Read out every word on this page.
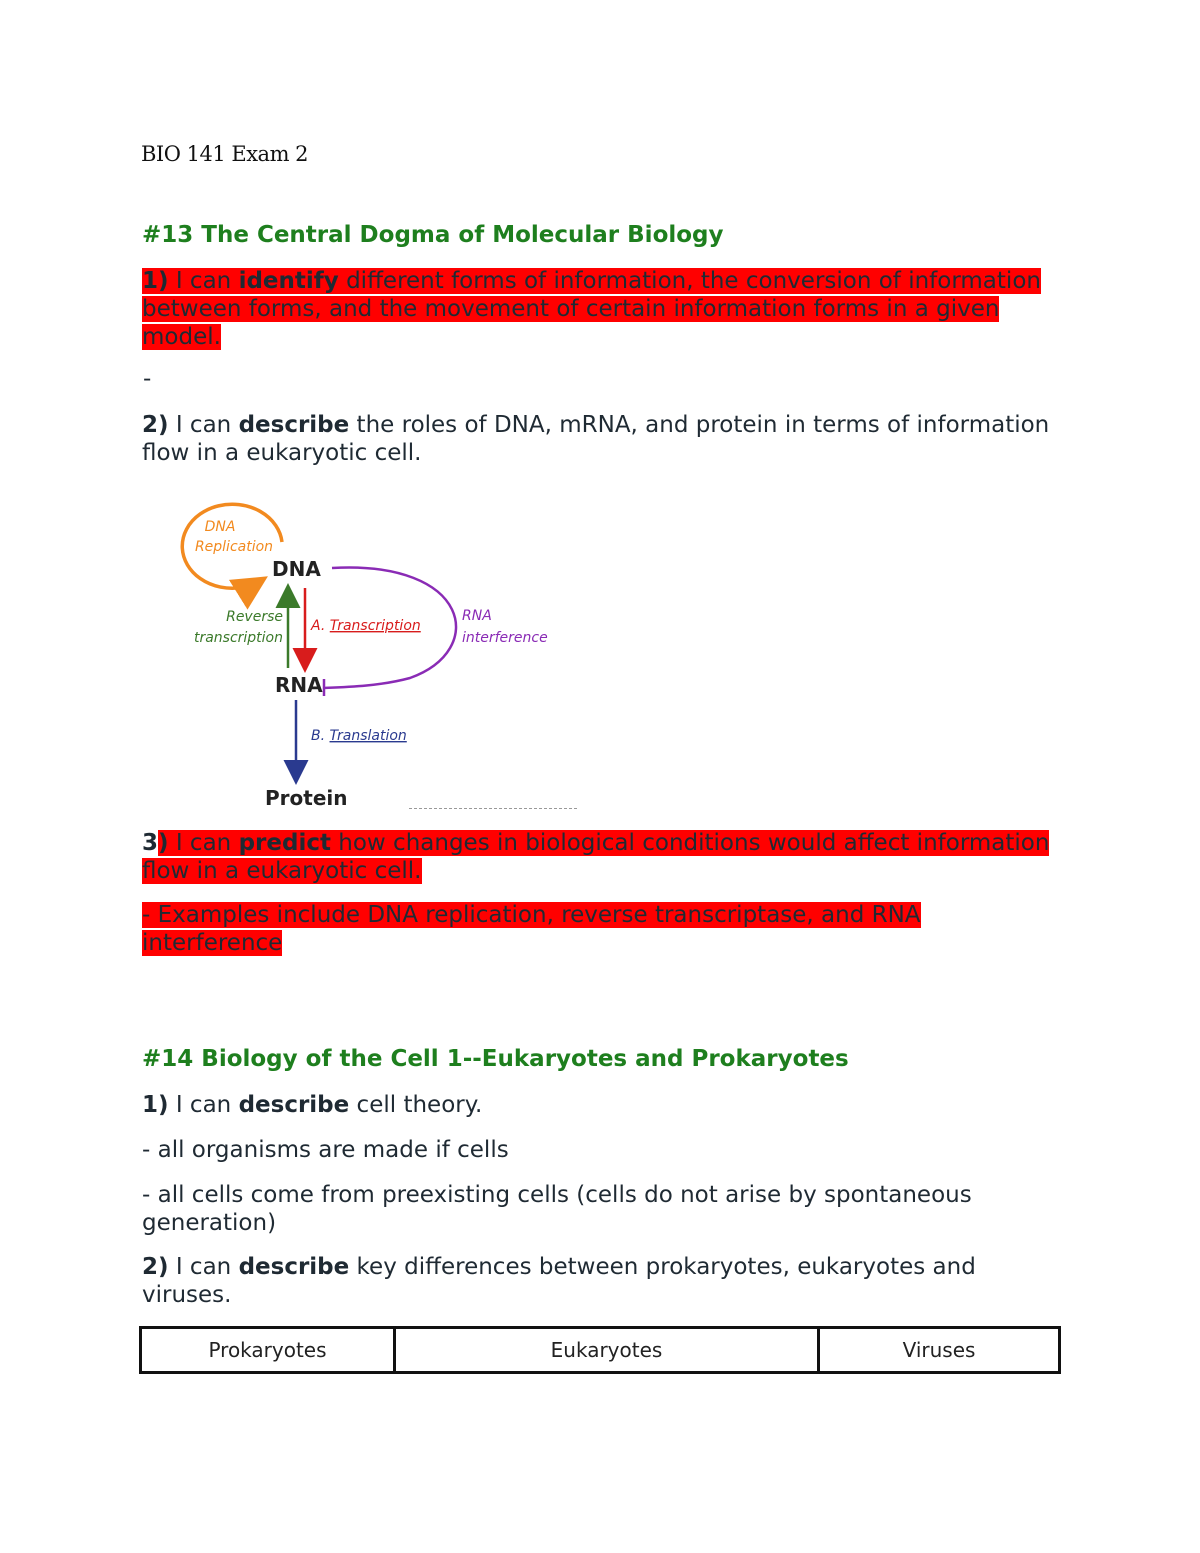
BIO 141 Exam 2
#13 The Central Dogma of Molecular Biology
1) I can identify different forms of information, the conversion of information between forms, and the movement of certain information forms in a given model.
-
2) I can describe the roles of DNA, mRNA, and protein in terms of information flow in a eukaryotic cell.
DNA
Replication
DNA
Reverse
transcription
A. Transcription
RNA
interference
RNA
B. Translation
Protein
3) I can predict how changes in biological conditions would affect information flow in a eukaryotic cell.
- Examples include DNA replication, reverse transcriptase, and RNA interference
#14 Biology of the Cell 1--Eukaryotes and Prokaryotes
1) I can describe cell theory.
- all organisms are made if cells
- all cells come from preexisting cells (cells do not arise by spontaneous generation)
2) I can describe key differences between prokaryotes, eukaryotes and viruses.
Prokaryotes	Eukaryotes	Viruses
